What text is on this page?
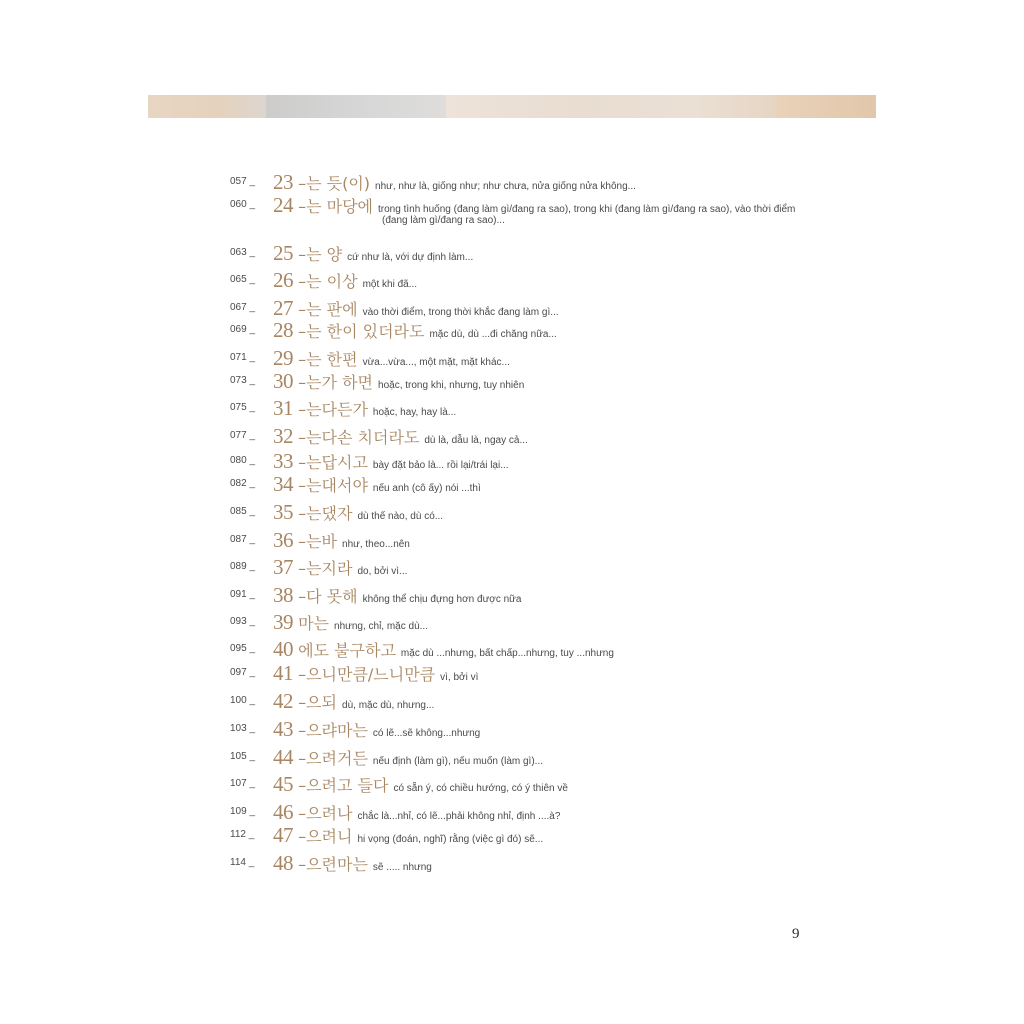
057 _ 23 –는 듯(이) như, như là, giống như; như chưa, nửa giống nửa không...
060 _ 24 –는 마당에 trong tình huống (đang làm gì/đang ra sao), trong khi (đang làm gì/đang ra sao), vào thời điểm
(đang làm gì/đang ra sao)...
063 _ 25 –는 양 cứ như là, với dự định làm...
065 _ 26 –는 이상 một khi đã...
067 _ 27 –는 판에 vào thời điểm, trong thời khắc đang làm gì...
069 _ 28 –는 한이 있더라도 mặc dù, dù ...đi chăng nữa...
071 _ 29 –는 한편 vừa...vừa..., một mặt, mặt khác...
073 _ 30 –는가 하면 hoặc, trong khi, nhưng, tuy nhiên
075 _ 31 –는다든가 hoặc, hay, hay là...
077 _ 32 –는다손 치더라도 dù là, dẫu là, ngay cả...
080 _ 33 –는답시고 bày đặt bảo là... rồi lại/trái lại...
082 _ 34 –는대서야 nếu anh (cô ấy) nói ...thì
085 _ 35 –는댔자 dù thế nào, dù có...
087 _ 36 –는바 như, theo...nên
089 _ 37 –는지라 do, bởi vì...
091 _ 38 –다 못해 không thể chịu đựng hơn được nữa
093 _ 39 마는 nhưng, chỉ, mặc dù...
095 _ 40 에도 불구하고 mặc dù ...nhưng, bất chấp...nhưng, tuy ...nhưng
097 _ 41 –으니만큼/느니만큼 vì, bởi vì
100 _ 42 –으되 dù, mặc dù, nhưng...
103 _ 43 –으랴마는 có lẽ...sẽ không...nhưng
105 _ 44 –으려거든 nếu định (làm gì), nếu muốn (làm gì)...
107 _ 45 –으려고 들다 có sẵn ý, có chiều hướng, có ý thiên về
109 _ 46 –으려나 chắc là...nhỉ, có lẽ...phải không nhỉ, định ....à?
112 _ 47 –으려니 hi vọng (đoán, nghĩ) rằng (việc gì đó) sẽ...
114 _ 48 –으련마는 sẽ ..... nhưng
9
